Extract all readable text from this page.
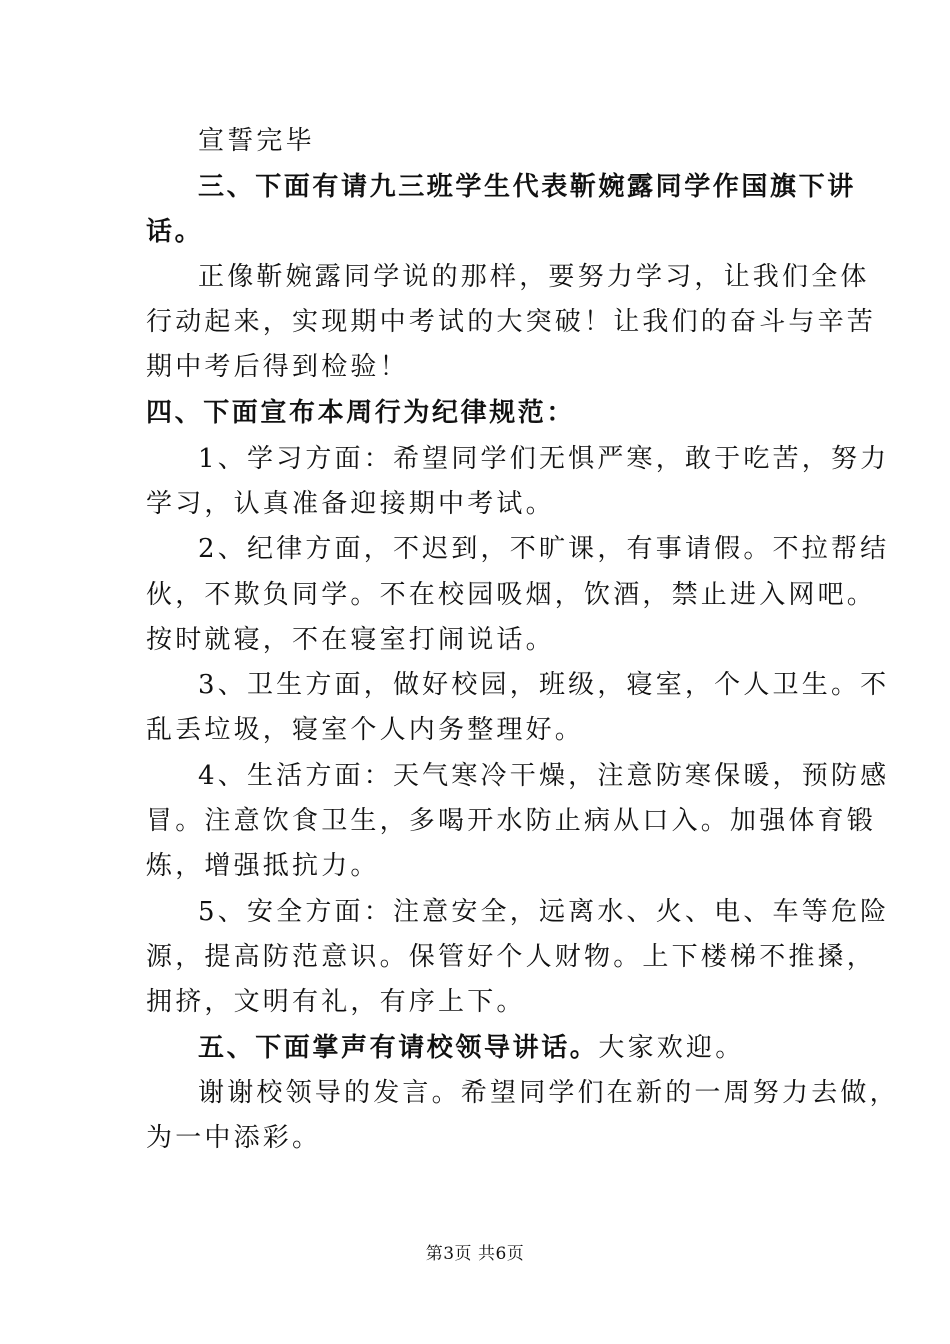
宣誓完毕
三、下面有请九三班学生代表靳婉露同学作国旗下讲
话。
正像靳婉露同学说的那样，要努力学习，让我们全体
行动起来，实现期中考试的大突破！让我们的奋斗与辛苦
期中考后得到检验！
四、下面宣布本周行为纪律规范：
1、学习方面：希望同学们无惧严寒，敢于吃苦，努力
学习，认真准备迎接期中考试。
2、纪律方面，不迟到，不旷课，有事请假。不拉帮结
伙，不欺负同学。不在校园吸烟，饮酒，禁止进入网吧。
按时就寝，不在寝室打闹说话。
3、卫生方面，做好校园，班级，寝室，个人卫生。不
乱丢垃圾，寝室个人内务整理好。
4、生活方面：天气寒冷干燥，注意防寒保暖，预防感
冒。注意饮食卫生，多喝开水防止病从口入。加强体育锻
炼，增强抵抗力。
5、安全方面：注意安全，远离水、火、电、车等危险
源，提高防范意识。保管好个人财物。上下楼梯不推搡，
拥挤，文明有礼，有序上下。
五、下面掌声有请校领导讲话。大家欢迎。
谢谢校领导的发言。希望同学们在新的一周努力去做，
为一中添彩。
第3页 共6页
